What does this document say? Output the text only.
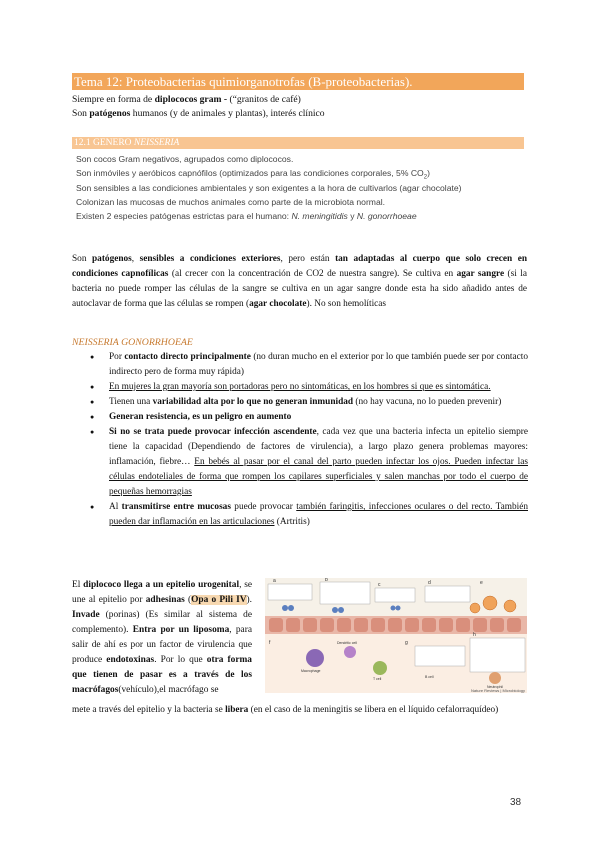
Tema 12: Proteobacterias quimiorganotrofas (B-proteobacterias).
Siempre en forma de diplococos gram - (“granitos de café)
Son patógenos humanos (y de animales y plantas), interés clínico
12.1 GENERO NEISSERIA
Son cocos Gram negativos, agrupados como diplococos.
Son inmóviles y aeróbicos capnófilos (optimizados para las condiciones corporales, 5% $CO_2$)
Son sensibles a las condiciones ambientales y son exigentes a la hora de cultivarlos (agar chocolate)
Colonizan las mucosas de muchos animales como parte de la microbiota normal.
Existen 2 especies patógenas estrictas para el humano: N. meningitidis y N. gonorrhoeae
Son patógenos, sensibles a condiciones exteriores, pero están tan adaptadas al cuerpo que solo crecen en condiciones capnofílicas (al crecer con la concentración de CO2 de nuestra sangre). Se cultiva en agar sangre (si la bacteria no puede romper las células de la sangre se cultiva en un agar sangre donde esta ha sido añadido antes de autoclavar de forma que las células se rompen (agar chocolate). No son hemolíticas
NEISSERIA GONORRHOEAE
● Por contacto directo principalmente (no duran mucho en el exterior por lo que también puede ser por contacto indirecto pero de forma muy rápida)
● En mujeres la gran mayoría son portadoras pero no sintomáticas, en los hombres si que es sintomática.
● Tienen una variabilidad alta por lo que no generan inmunidad (no hay vacuna, no lo pueden prevenir)
● Generan resistencia, es un peligro en aumento
● Si no se trata puede provocar infección ascendente, cada vez que una bacteria infecta un epitelio siempre tiene la capacidad (Dependiendo de factores de virulencia), a largo plazo genera problemas mayores: inflamación, fiebre… En bebés al pasar por el canal del parto pueden infectar los ojos. Pueden infectar las células endoteliales de forma que rompen los capilares superficiales y salen manchas por todo el cuerpo de pequeñas hemorragias
● Al transmitirse entre mucosas puede provocar también faringitis, infecciones oculares o del recto. También pueden dar inflamación en las articulaciones (Artritis)
El diplococo llega a un epitelio urogenital, se une al epitelio por adhesinas (Opa o Pili IV). Invade (porinas) (Es similar al sistema de complemento). Entra por un liposoma, para salir de ahí es por un factor de virulencia que produce endotoxinas. Por lo que otra forma que tienen de pasar es a través de los macrófagos(vehículo),el macrófago se
a	b
c	d	e
f	g
h
Macrophage
Neutrophil
Dendritic cell
T cell	B cell
Nature Reviews | Microbiology
mete a través del epitelio y la bacteria se libera (en el caso de la meningitis se libera en el líquido cefalorraquídeo)
38
